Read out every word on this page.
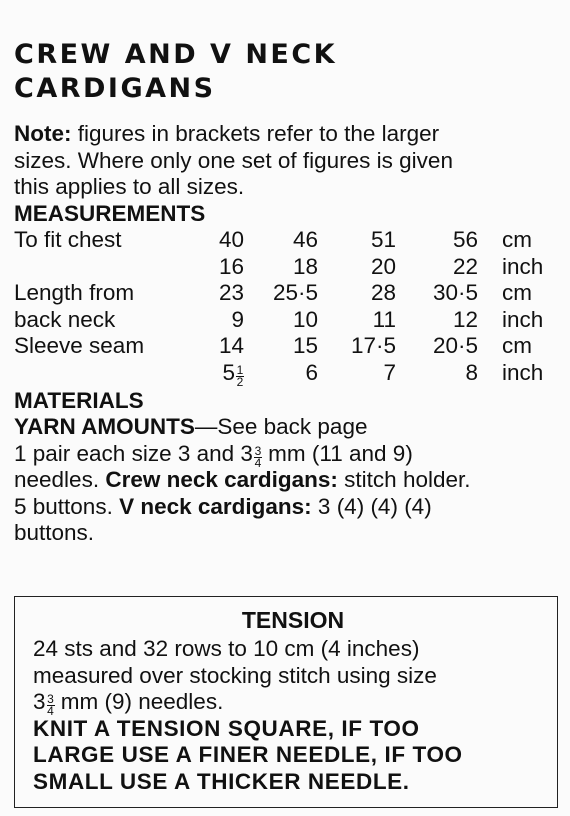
CREW AND V NECK
CARDIGANS
Note: figures in brackets refer to the larger
sizes. Where only one set of figures is given
this applies to all sizes.
MEASUREMENTS
To fit chest	40	46	51	56	cm
	16	18	20	22	inch
Length from	23	25·5	28	30·5	cm
back neck	9	10	11	12	inch
Sleeve seam	14	15	17·5	20·5	cm
	$5 \frac{1}{2}$	6	7	8	inch
MATERIALS
YARN AMOUNTS—See back page
1 pair each size 3 and $3 \frac{3}{4}$ mm (11 and 9)
needles. Crew neck cardigans: stitch holder.
5 buttons. V neck cardigans: 3 (4) (4) (4)
buttons.
TENSION
24 sts and 32 rows to 10 cm (4 inches)
measured over stocking stitch using size
$3 \frac{3}{4}$ mm (9) needles.
KNIT A TENSION SQUARE, IF TOO
LARGE USE A FINER NEEDLE, IF TOO
SMALL USE A THICKER NEEDLE.
